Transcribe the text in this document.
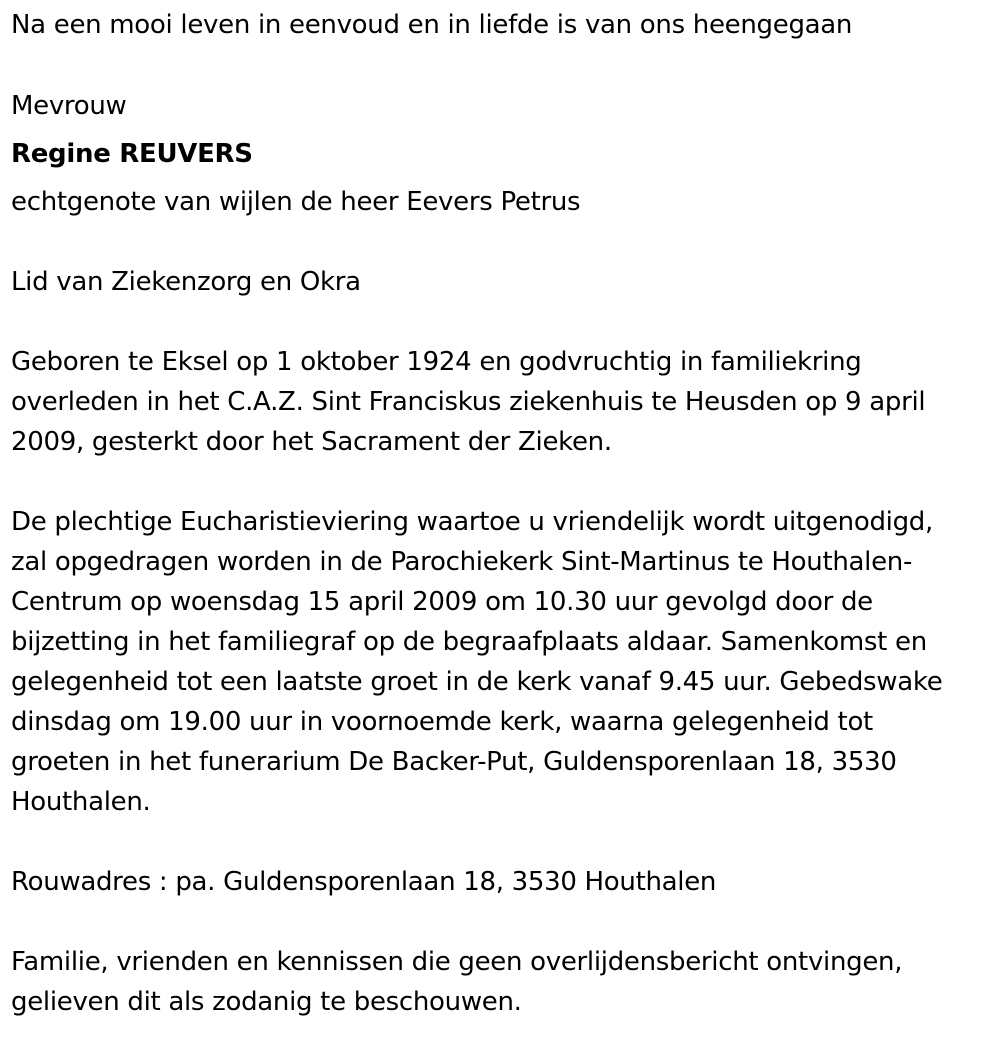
Na een mooi leven in eenvoud en in liefde is van ons heengegaan
Mevrouw
Regine REUVERS
echtgenote van wijlen de heer Eevers Petrus
Lid van Ziekenzorg en Okra
Geboren te Eksel op 1 oktober 1924 en godvruchtig in familiekring
overleden in het C.A.Z. Sint Franciskus ziekenhuis te Heusden op 9 april
2009, gesterkt door het Sacrament der Zieken.
De plechtige Eucharistieviering waartoe u vriendelijk wordt uitgenodigd,
zal opgedragen worden in de Parochiekerk Sint-Martinus te Houthalen-
Centrum op woensdag 15 april 2009 om 10.30 uur gevolgd door de
bijzetting in het familiegraf op de begraafplaats aldaar. Samenkomst en
gelegenheid tot een laatste groet in de kerk vanaf 9.45 uur. Gebedswake
dinsdag om 19.00 uur in voornoemde kerk, waarna gelegenheid tot
groeten in het funerarium De Backer-Put, Guldensporenlaan 18, 3530
Houthalen.
Rouwadres : pa. Guldensporenlaan 18, 3530 Houthalen
Familie, vrienden en kennissen die geen overlijdensbericht ontvingen,
gelieven dit als zodanig te beschouwen.
